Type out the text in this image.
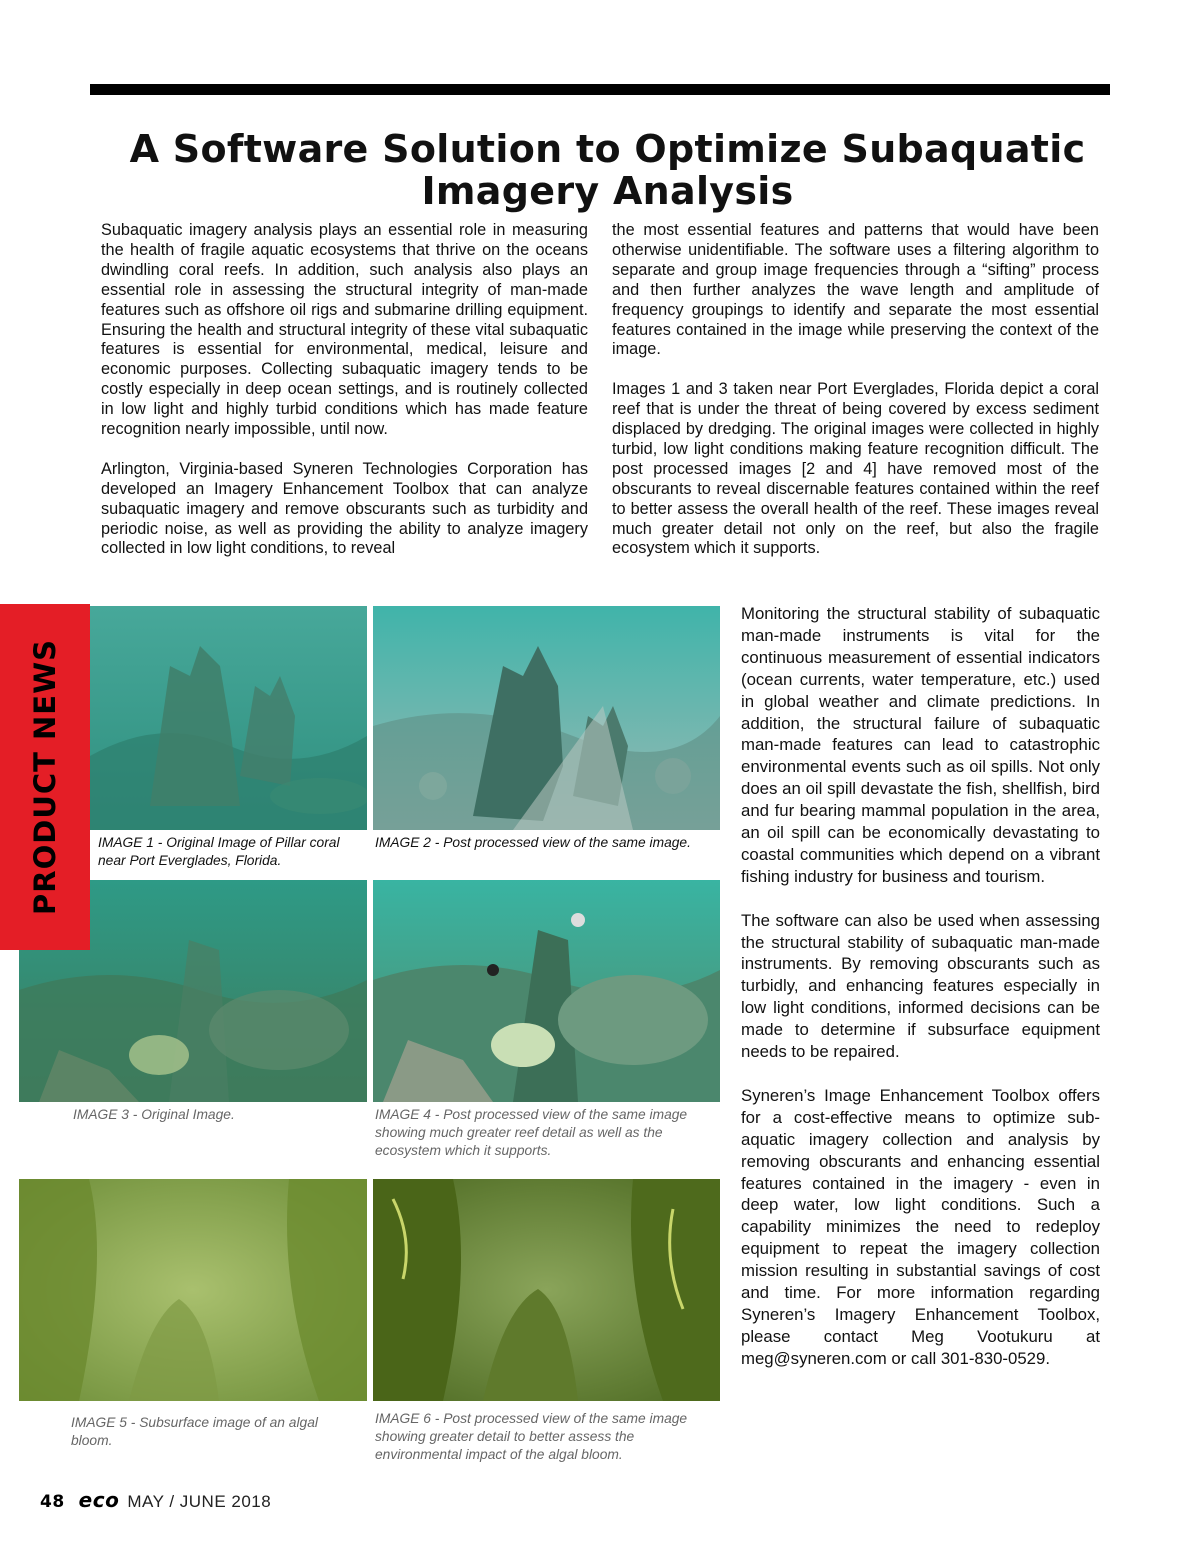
A Software Solution to Optimize Subaquatic Imagery Analysis

Subaquatic imagery analysis plays an essential role in measuring the health of fragile aquatic ecosystems that thrive on the oceans dwindling coral reefs. In addition, such analysis also plays an essential role in assessing the structural integrity of man-made features such as offshore oil rigs and submarine drilling equipment. Ensuring the health and structural integrity of these vital subaquatic features is essential for environmental, medical, leisure and economic purposes. Collecting subaquatic imagery tends to be costly especially in deep ocean settings, and is routinely collected in low light and highly turbid conditions which has made feature recognition nearly impossible, until now.

Arlington, Virginia-based Syneren Technologies Corporation has developed an Imagery Enhancement Toolbox that can analyze subaquatic imagery and remove obscurants such as turbidity and periodic noise, as well as providing the ability to analyze imagery collected in low light conditions, to reveal

the most essential features and patterns that would have been otherwise unidentifiable. The software uses a filtering algorithm to separate and group image frequencies through a “sifting” process and then further analyzes the wave length and amplitude of frequency groupings to identify and separate the most essential features contained in the image while preserving the context of the image.

Images 1 and 3 taken near Port Everglades, Florida depict a coral reef that is under the threat of being covered by excess sediment displaced by dredging. The original images were collected in highly turbid, low light conditions making feature recognition difficult. The post processed images [2 and 4] have removed most of the obscurants to reveal discernable features contained within the reef to better assess the overall health of the reef. These images reveal much greater detail not only on the reef, but also the fragile ecosystem which it supports.

Monitoring the structural stability of subaquatic man-made instruments is vital for the continuous measurement of essential indicators (ocean currents, water temperature, etc.) used in global weather and climate predictions. In addition, the structural failure of subaquatic man-made features can lead to catastrophic environmental events such as oil spills. Not only does an oil spill devastate the fish, shellfish, bird and fur bearing mammal population in the area, an oil spill can be economically devastating to coastal communities which depend on a vibrant fishing industry for business and tourism.

The software can also be used when assessing the structural stability of subaquatic man-made instruments. By removing obscurants such as turbidly, and enhancing features especially in low light conditions, informed decisions can be made to determine if subsurface equipment needs to be repaired.

Syneren’s Image Enhancement Toolbox offers for a cost-effective means to optimize sub-aquatic imagery collection and analysis by removing obscurants and enhancing essential features contained in the imagery - even in deep water, low light conditions. Such a capability minimizes the need to redeploy equipment to repeat the imagery collection mission resulting in substantial savings of cost and time. For more information regarding Syneren’s Imagery Enhancement Toolbox, please contact Meg Vootukuru at meg@syneren.com or call 301-830-0529.

IMAGE 1 - Original Image of Pillar coral near Port Everglades, Florida.
IMAGE 2 - Post processed view of the same image.
IMAGE 3 - Original Image.	IMAGE 4 - Post processed view of the same image showing much greater reef detail as well as the ecosystem which it supports.
IMAGE 5 - Subsurface image of an algal bloom.
IMAGE 6 - Post processed view of the same image showing greater detail to better assess the environmental impact of the algal bloom.
PRODUCT NEWS
48 eco MAY / JUNE 2018
